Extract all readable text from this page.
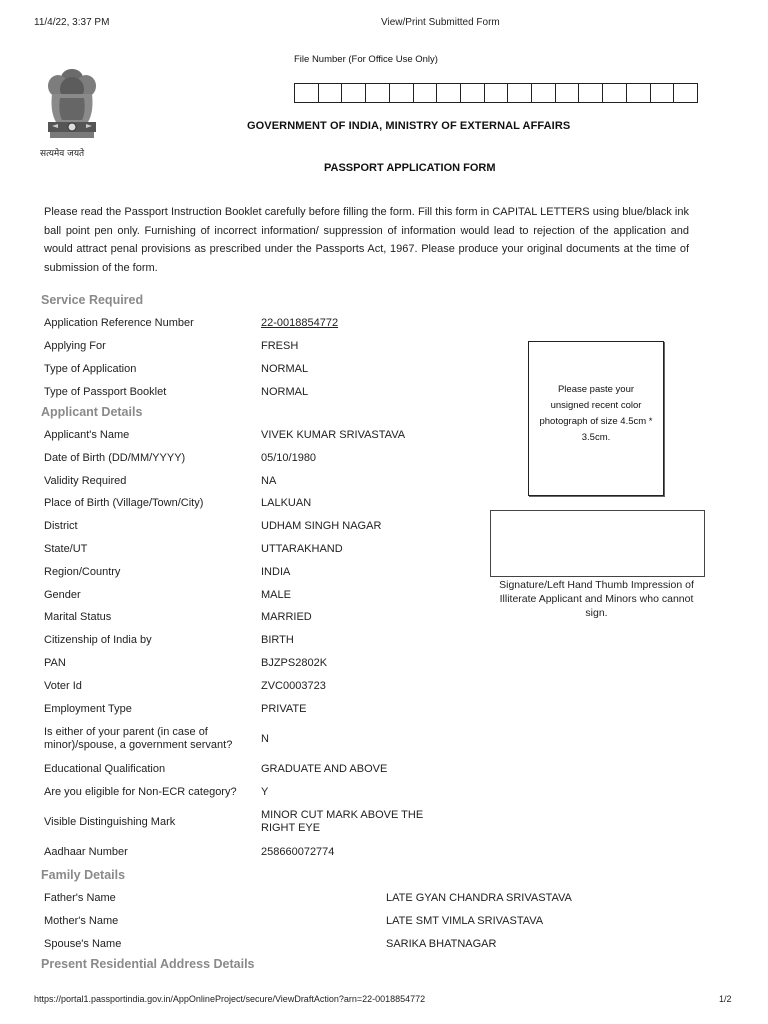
11/4/22, 3:37 PM	View/Print Submitted Form
सत्यमेव जयते
File Number (For Office Use Only)
GOVERNMENT OF INDIA, MINISTRY OF EXTERNAL AFFAIRS
PASSPORT APPLICATION FORM
Please read the Passport Instruction Booklet carefully before filling the form. Fill this form in CAPITAL LETTERS using blue/black ink ball point pen only. Furnishing of incorrect information/ suppression of information would lead to rejection of the application and would attract penal provisions as prescribed under the Passports Act, 1967. Please produce your original documents at the time of submission of the form.
Service Required
Application Reference Number	22-0018854772
Applying For	FRESH
Type of Application	NORMAL
Type of Passport Booklet	NORMAL
Applicant Details
Applicant's Name	VIVEK KUMAR SRIVASTAVA
Date of Birth (DD/MM/YYYY)	05/10/1980
Validity Required	NA
Place of Birth (Village/Town/City)	LALKUAN
District	UDHAM SINGH NAGAR
State/UT	UTTARAKHAND
Region/Country	INDIA
Gender	MALE
Marital Status	MARRIED
Citizenship of India by	BIRTH
PAN	BJZPS2802K
Voter Id	ZVC0003723
Employment Type	PRIVATE
Is either of your parent (in case of minor)/spouse, a government servant?	N
Educational Qualification	GRADUATE AND ABOVE
Are you eligible for Non-ECR category? Y
Visible Distinguishing Mark
MINOR CUT MARK ABOVE THE RIGHT EYE
Aadhaar Number	258660072774
Family Details
Father's Name	LATE GYAN CHANDRA SRIVASTAVA
Mother's Name	LATE SMT VIMLA SRIVASTAVA
Spouse's Name	SARIKA BHATNAGAR
Present Residential Address Details
Please paste your unsigned recent color photograph of size 4.5cm * 3.5cm.
Signature/Left Hand Thumb Impression of Illiterate Applicant and Minors who cannot sign.
https://portal1.passportindia.gov.in/AppOnlineProject/secure/ViewDraftAction?arn=22-0018854772	1/2
